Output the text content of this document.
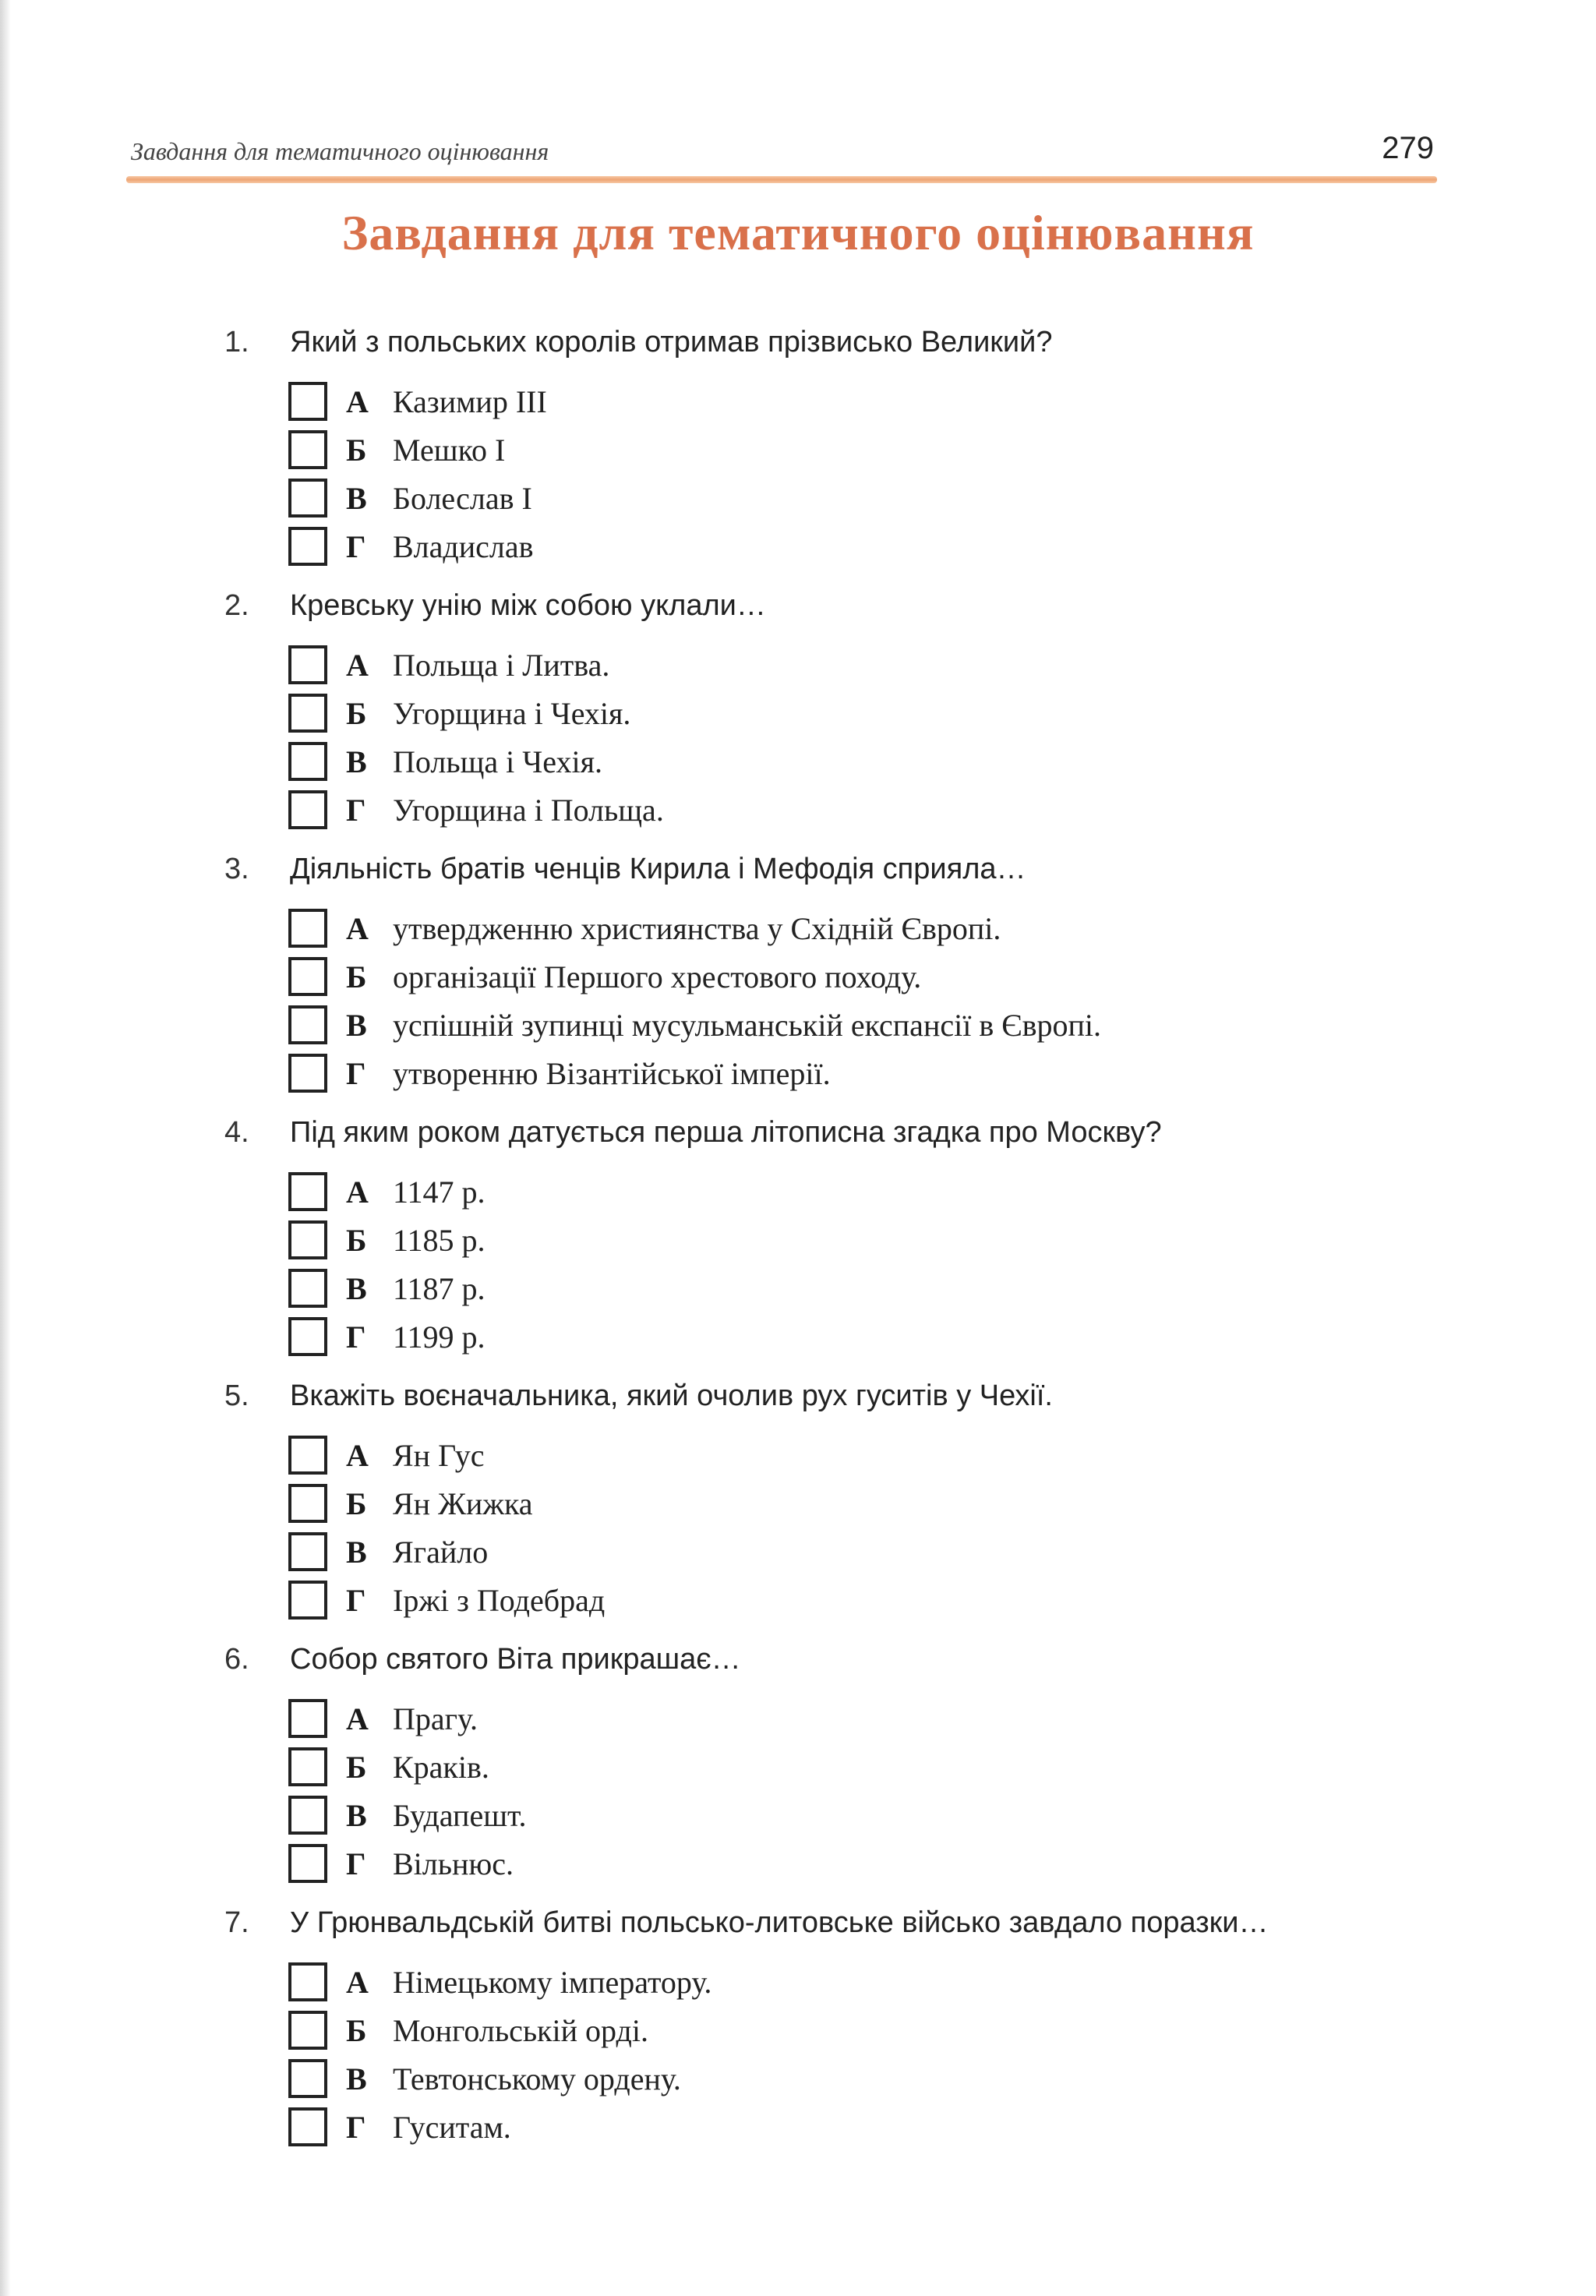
Завдання для тематичного оцінювання	279
Завдання для тематичного оцінювання
1.	Який з польських королів отримав прізвисько Великий?
А Казимир III
Б Мешко I
В Болеслав I
Г Владислав
2.	Кревську унію між собою уклали…
А Польща і Литва.
Б Угорщина і Чехія.
В Польща і Чехія.
Г Угорщина і Польща.
3.	Діяльність братів ченців Кирила і Мефодія сприяла…
А утвердженню християнства у Східній Європі.
Б організації Першого хрестового походу.
В успішній зупинці мусульманській експансії в Європі.
Г утворенню Візантійської імперії.
4.	Під яким роком датується перша літописна згадка про Москву?
А 1147 р.
Б 1185 р.
В 1187 р.
Г 1199 р.
5.	Вкажіть воєначальника, який очолив рух гуситів у Чехії.
А Ян Гус
Б Ян Жижка
В Ягайло
Г Іржі з Подебрад
6.	Собор святого Віта прикрашає…
А Прагу.
Б Краків.
В Будапешт.
Г Вільнюс.
7.	У Грюнвальдській битві польсько-литовське військо завдало поразки…
А Німецькому імператору.
Б Монгольській орді.
В Тевтонському ордену.
Г Гуситам.
